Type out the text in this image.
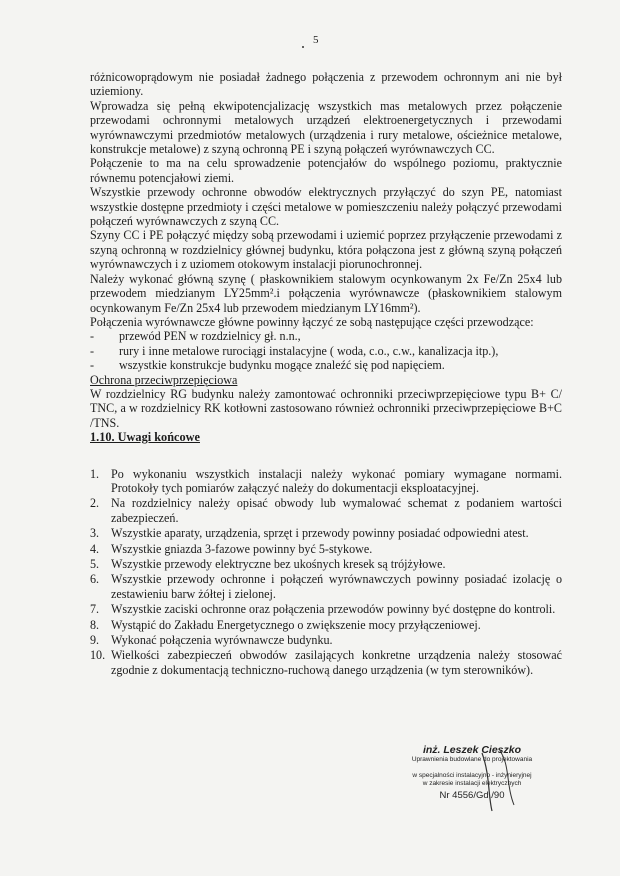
5

różnicowoprądowym nie posiadał żadnego połączenia z przewodem ochronnym ani nie był uziemiony.

Wprowadza się pełną ekwipotencjalizację wszystkich mas metalowych przez połączenie przewodami ochronnymi metalowych urządzeń elektroenergetycznych i przewodami wyrównawczymi przedmiotów metalowych (urządzenia i rury metalowe, ościeżnice metalowe, konstrukcje metalowe) z szyną ochronną PE i szyną połączeń wyrównawczych CC.

Połączenie to ma na celu sprowadzenie potencjałów do wspólnego poziomu, praktycznie równemu potencjałowi ziemi.

Wszystkie przewody ochronne obwodów elektrycznych przyłączyć do szyn PE, natomiast wszystkie dostępne przedmioty i części metalowe w pomieszczeniu należy połączyć przewodami połączeń wyrównawczych z szyną CC.

Szyny CC i PE połączyć między sobą przewodami i uziemić poprzez przyłączenie przewodami z szyną ochronną w rozdzielnicy głównej budynku, która połączona jest z główną szyną połączeń wyrównawczych i z uziomem otokowym instalacji piorunochronnej.

Należy wykonać główną szynę ( płaskownikiem stalowym ocynkowanym 2x Fe/Zn 25x4 lub przewodem miedzianym LY25mm².i połączenia wyrównawcze (płaskownikiem stalowym ocynkowanym Fe/Zn 25x4 lub przewodem miedzianym LY16mm²).

Połączenia wyrównawcze główne powinny łączyć ze sobą następujące części przewodzące:

- przewód PEN w rozdzielnicy gł. n.n.,
- rury i inne metalowe rurociągi instalacyjne ( woda, c.o., c.w., kanalizacja itp.),
- wszystkie konstrukcje budynku mogące znaleźć się pod napięciem.

Ochrona przeciwprzepięciowa

W rozdzielnicy RG budynku należy zamontować ochronniki przeciwprzepięciowe typu B+ C/ TNC, a w rozdzielnicy RK kotłowni zastosowano również ochronniki przeciwprzepięciowe B+C /TNS.

1.10. Uwagi końcowe

1. Po wykonaniu wszystkich instalacji należy wykonać pomiary wymagane normami. Protokoły tych pomiarów załączyć należy do dokumentacji eksploatacyjnej.
2. Na rozdzielnicy należy opisać obwody lub wymalować schemat z podaniem wartości zabezpieczeń.
3. Wszystkie aparaty, urządzenia, sprzęt i przewody powinny posiadać odpowiedni atest.
4. Wszystkie gniazda 3-fazowe powinny być 5-stykowe.
5. Wszystkie przewody elektryczne bez ukośnych kresek są trójżyłowe.
6. Wszystkie przewody ochronne i połączeń wyrównawczych powinny posiadać izolację o zestawieniu barw żółtej i zielonej.
7. Wszystkie zaciski ochronne oraz połączenia przewodów powinny być dostępne do kontroli.
8. Wystąpić do Zakładu Energetycznego o zwiększenie mocy przyłączeniowej.
9. Wykonać połączenia wyrównawcze budynku.
10. Wielkości zabezpieczeń obwodów zasilających konkretne urządzenia należy stosować zgodnie z dokumentacją techniczno-ruchową danego urządzenia (w tym sterowników).
inż. Leszek Cieszko
Uprawnienia budowlane do projektowania
w specjalności instalacyjno - inżynieryjnej
w zakresie instalacji elektrycznych
Nr 4556/Gd./90
